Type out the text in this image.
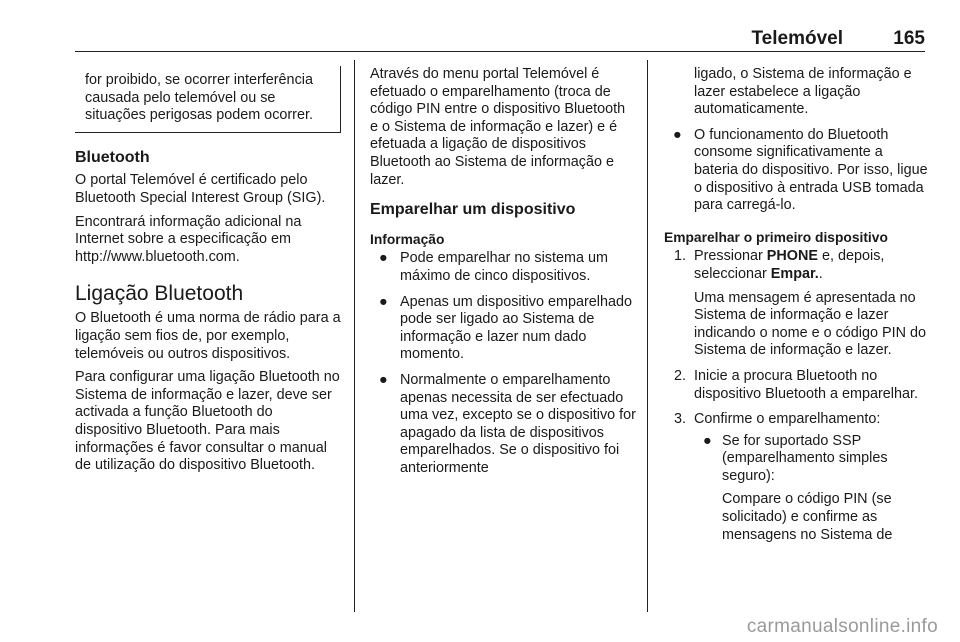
Telemóvel	165
for proibido, se ocorrer interferência causada pelo telemóvel ou se situações perigosas podem ocorrer.
Bluetooth

O portal Telemóvel é certificado pelo Bluetooth Special Interest Group (SIG).

Encontrará informação adicional na Internet sobre a especificação em http://www.bluetooth.com.

Ligação Bluetooth

O Bluetooth é uma norma de rádio para a ligação sem fios de, por exemplo, telemóveis ou outros dispositivos.

Para configurar uma ligação Bluetooth no Sistema de informação e lazer, deve ser activada a função Bluetooth do dispositivo Bluetooth. Para mais informações é favor consultar o manual de utilização do dispositivo Bluetooth.

Através do menu portal Telemóvel é efetuado o emparelhamento (troca de código PIN entre o dispositivo Bluetooth e o Sistema de informação e lazer) e é efetuada a ligação de dispositivos Bluetooth ao Sistema de informação e lazer.

Emparelhar um dispositivo
Informação
● Pode emparelhar no sistema um máximo de cinco dispositivos.
● Apenas um dispositivo emparelhado pode ser ligado ao Sistema de informação e lazer num dado momento.
● Normalmente o emparelhamento apenas necessita de ser efectuado uma vez, excepto se o dispositivo for apagado da lista de dispositivos emparelhados. Se o dispositivo foi anteriormente
ligado, o Sistema de informação e lazer estabelece a ligação automaticamente.
● O funcionamento do Bluetooth consome significativamente a bateria do dispositivo. Por isso, ligue o dispositivo à entrada USB tomada para carregá-lo.
Emparelhar o primeiro dispositivo
1. Pressionar PHONE e, depois, seleccionar Empar..
Uma mensagem é apresentada no Sistema de informação e lazer indicando o nome e o código PIN do Sistema de informação e lazer.
2. Inicie a procura Bluetooth no dispositivo Bluetooth a emparelhar.
3. Confirme o emparelhamento:
● Se for suportado SSP (emparelhamento simples seguro):
Compare o código PIN (se solicitado) e confirme as mensagens no Sistema de
carmanualsonline.info
